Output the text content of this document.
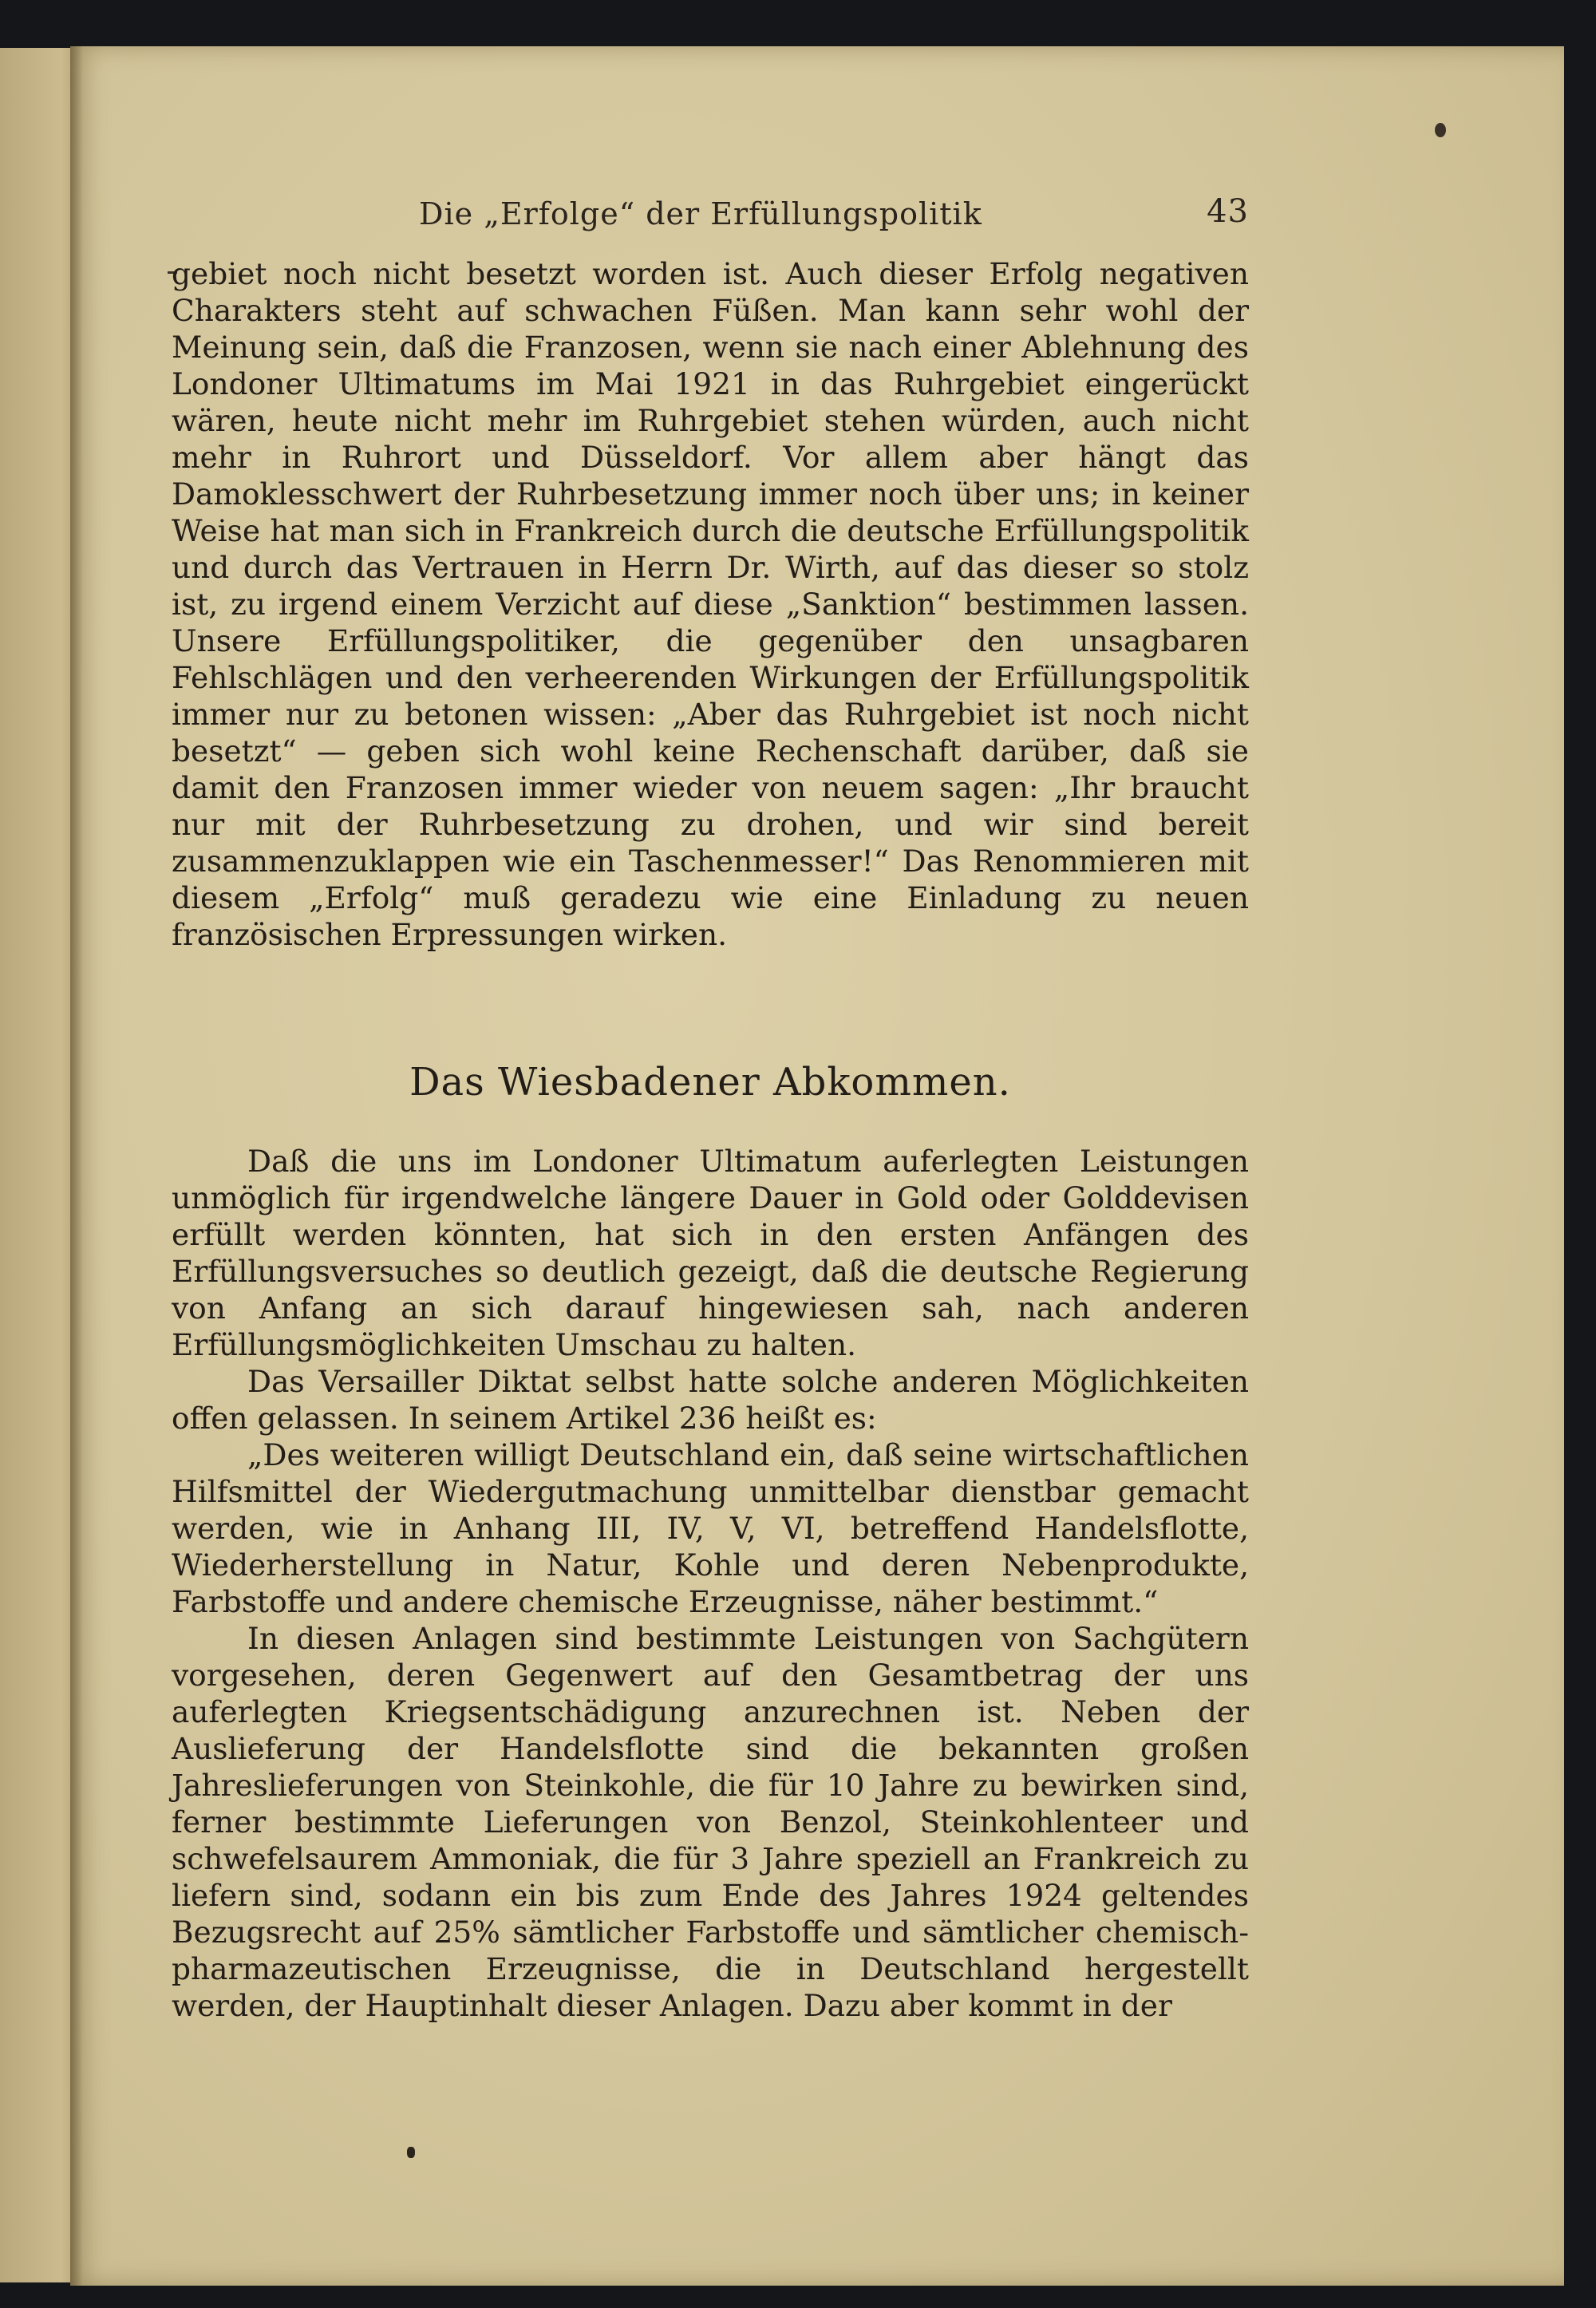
Die „Erfolge“ der Erfüllungspolitik	43

gebiet noch nicht besetzt worden ist. Auch dieser Erfolg negativen Charakters steht auf schwachen Füßen. Man kann sehr wohl der Meinung sein, daß die Franzosen, wenn sie nach einer Ablehnung des Londoner Ultimatums im Mai 1921 in das Ruhrgebiet eingerückt wären, heute nicht mehr im Ruhrgebiet stehen würden, auch nicht mehr in Ruhrort und Düsseldorf. Vor allem aber hängt das Damoklesschwert der Ruhrbesetzung immer noch über uns; in keiner Weise hat man sich in Frankreich durch die deutsche Erfüllungspolitik und durch das Vertrauen in Herrn Dr. Wirth, auf das dieser so stolz ist, zu irgend einem Verzicht auf diese „Sanktion“ bestimmen lassen. Unsere Erfüllungspolitiker, die gegenüber den unsagbaren Fehlschlägen und den verheerenden Wirkungen der Erfüllungspolitik immer nur zu betonen wissen: „Aber das Ruhrgebiet ist noch nicht besetzt“ — geben sich wohl keine Rechenschaft darüber, daß sie damit den Franzosen immer wieder von neuem sagen: „Ihr braucht nur mit der Ruhrbesetzung zu drohen, und wir sind bereit zusammenzuklappen wie ein Taschenmesser!“ Das Renommieren mit diesem „Erfolg“ muß geradezu wie eine Einladung zu neuen französischen Erpressungen wirken.

Das Wiesbadener Abkommen.

Daß die uns im Londoner Ultimatum auferlegten Leistungen unmöglich für irgendwelche längere Dauer in Gold oder Golddevisen erfüllt werden könnten, hat sich in den ersten Anfängen des Erfüllungsversuches so deutlich gezeigt, daß die deutsche Regierung von Anfang an sich darauf hingewiesen sah, nach anderen Erfüllungsmöglichkeiten Umschau zu halten.

Das Versailler Diktat selbst hatte solche anderen Möglichkeiten offen gelassen. In seinem Artikel 236 heißt es:

„Des weiteren willigt Deutschland ein, daß seine wirtschaftlichen Hilfsmittel der Wiedergutmachung unmittelbar dienstbar gemacht werden, wie in Anhang III, IV, V, VI, betreffend Handelsflotte, Wiederherstellung in Natur, Kohle und deren Nebenprodukte, Farbstoffe und andere chemische Erzeugnisse, näher bestimmt.“

In diesen Anlagen sind bestimmte Leistungen von Sachgütern vorgesehen, deren Gegenwert auf den Gesamtbetrag der uns auferlegten Kriegsentschädigung anzurechnen ist. Neben der Auslieferung der Handelsflotte sind die bekannten großen Jahreslieferungen von Steinkohle, die für 10 Jahre zu bewirken sind, ferner bestimmte Lieferungen von Benzol, Steinkohlenteer und schwefelsaurem Ammoniak, die für 3 Jahre speziell an Frankreich zu liefern sind, sodann ein bis zum Ende des Jahres 1924 geltendes Bezugsrecht auf 25% sämtlicher Farbstoffe und sämtlicher chemisch-pharmazeutischen Erzeugnisse, die in Deutschland hergestellt werden, der Hauptinhalt dieser Anlagen. Dazu aber kommt in der
